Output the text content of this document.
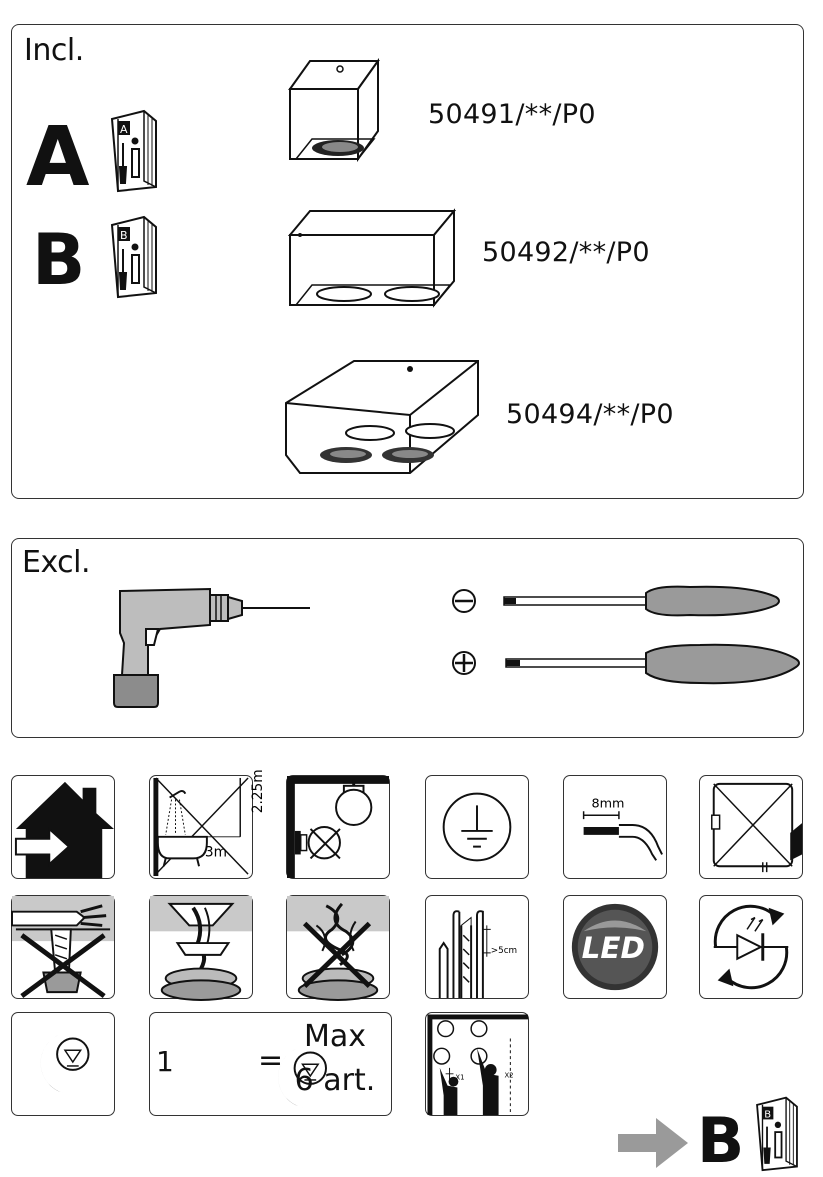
Incl.
A	A
B	B
50491/**/P0
50492/**/P0
50494/**/P0
Excl.
2.25m
3m
8mm
>5cm LED
1	=
Max
6 art.	X1	X2
B B
